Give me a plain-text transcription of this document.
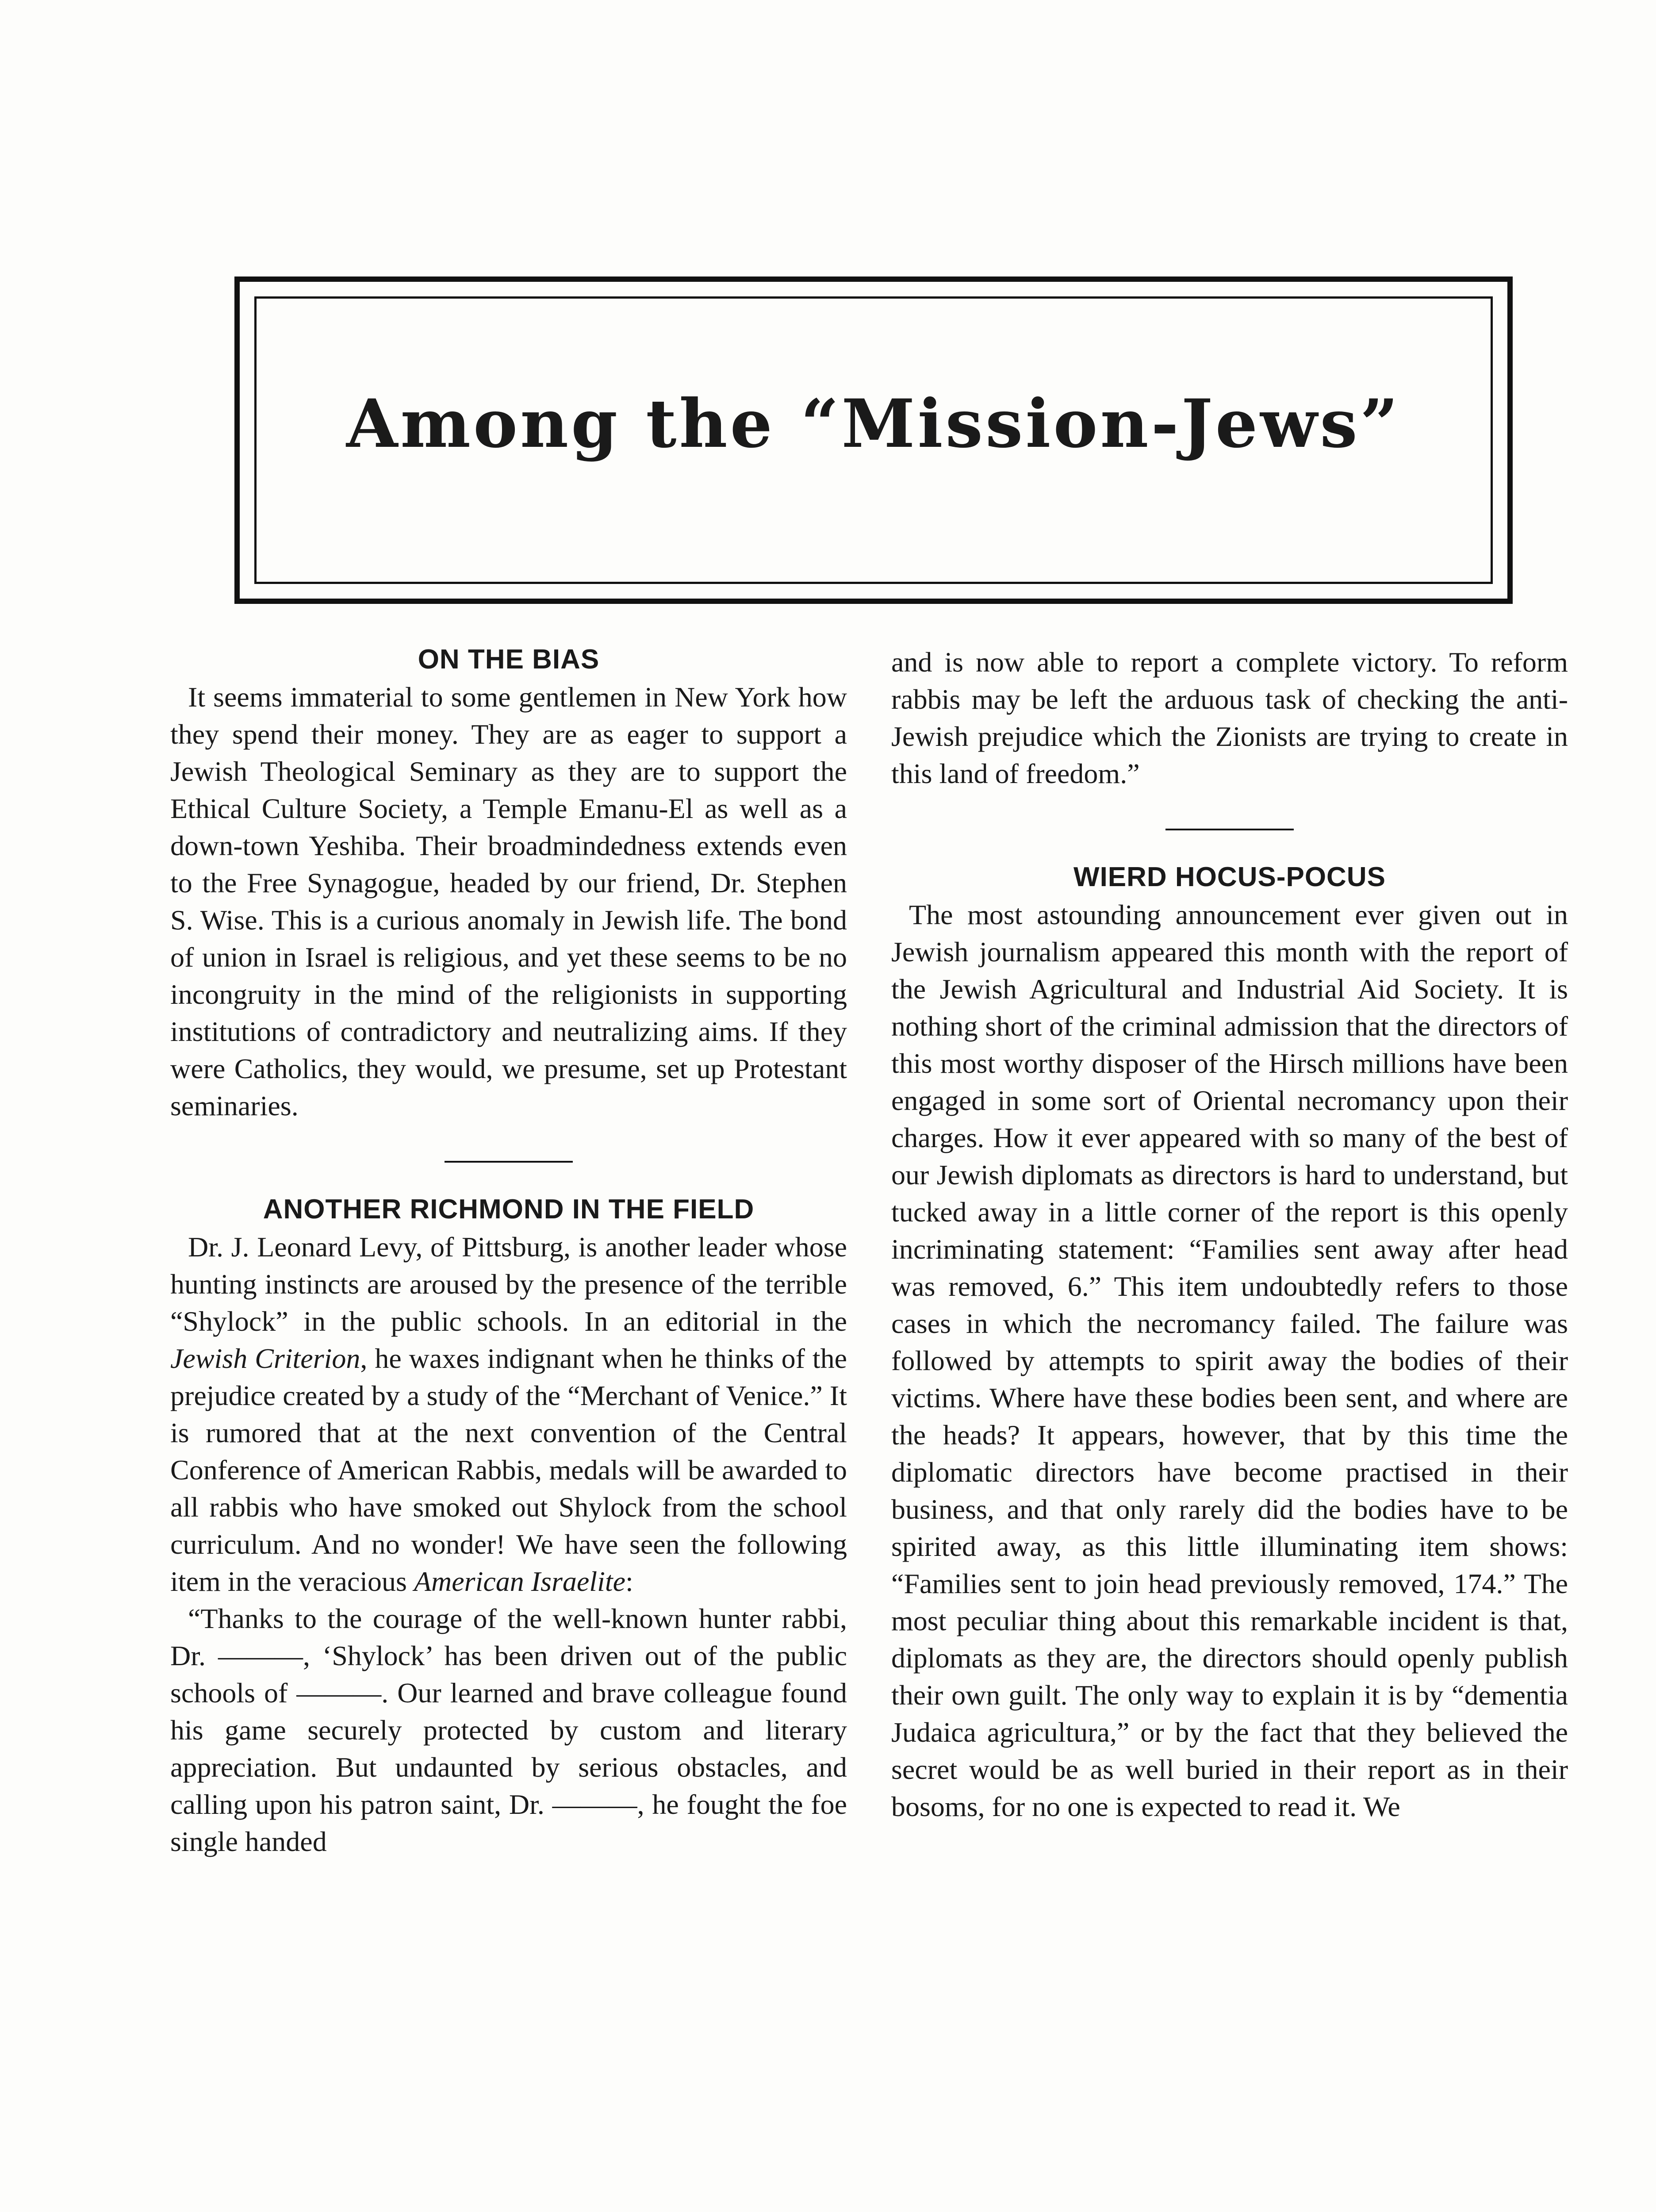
Among the “Mission-Jews”
ON THE BIAS

It seems immaterial to some gentlemen in New York how they spend their money. They are as eager to support a Jewish Theological Seminary as they are to support the Ethical Culture Society, a Temple Emanu-El as well as a down-town Yeshiba. Their broadmindedness extends even to the Free Synagogue, headed by our friend, Dr. Stephen S. Wise. This is a curious anomaly in Jewish life. The bond of union in Israel is religious, and yet these seems to be no incongruity in the mind of the religionists in supporting institutions of contradictory and neutralizing aims. If they were Catholics, they would, we presume, set up Protestant seminaries.

ANOTHER RICHMOND IN THE FIELD

Dr. J. Leonard Levy, of Pittsburg, is another leader whose hunting instincts are aroused by the presence of the terrible “Shylock” in the public schools. In an editorial in the Jewish Criterion, he waxes indignant when he thinks of the prejudice created by a study of the “Merchant of Venice.” It is rumored that at the next convention of the Central Conference of American Rabbis, medals will be awarded to all rabbis who have smoked out Shylock from the school curriculum. And no wonder! We have seen the following item in the veracious American Israelite:

“Thanks to the courage of the well-known hunter rabbi, Dr. ———, ‘Shylock’ has been driven out of the public schools of ———. Our learned and brave colleague found his game securely protected by custom and literary appreciation. But undaunted by serious obstacles, and calling upon his patron saint, Dr. ———, he fought the foe single handed

and is now able to report a complete victory. To reform rabbis may be left the arduous task of checking the anti-Jewish prejudice which the Zionists are trying to create in this land of freedom.”

WIERD HOCUS-POCUS

The most astounding announcement ever given out in Jewish journalism appeared this month with the report of the Jewish Agricultural and Industrial Aid Society. It is nothing short of the criminal admission that the directors of this most worthy disposer of the Hirsch millions have been engaged in some sort of Oriental necromancy upon their charges. How it ever appeared with so many of the best of our Jewish diplomats as directors is hard to understand, but tucked away in a little corner of the report is this openly incriminating statement: “Families sent away after head was removed, 6.” This item undoubtedly refers to those cases in which the necromancy failed. The failure was followed by attempts to spirit away the bodies of their victims. Where have these bodies been sent, and where are the heads? It appears, however, that by this time the diplomatic directors have become practised in their business, and that only rarely did the bodies have to be spirited away, as this little illuminating item shows: “Families sent to join head previously removed, 174.” The most peculiar thing about this remarkable incident is that, diplomats as they are, the directors should openly publish their own guilt. The only way to explain it is by “dementia Judaica agricultura,” or by the fact that they believed the secret would be as well buried in their report as in their bosoms, for no one is expected to read it. We
